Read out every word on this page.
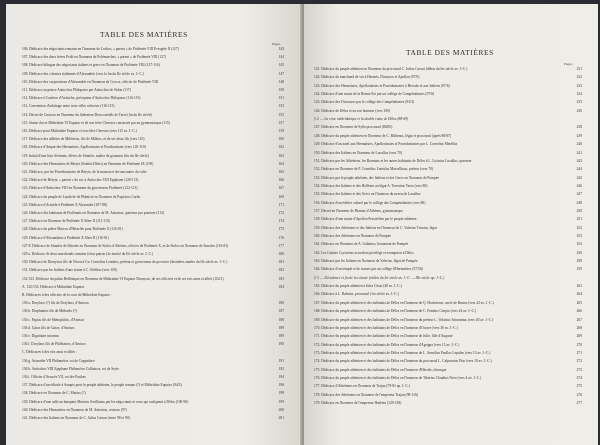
TABLE DES MATIÈRES
Pages.
106. Dédicace des négociants romains en l'honneur de Lochos, « parent » de Ptolémée VIII Évergète II (127)	143
107. Dédicace des deux frères Pedii en l'honneur de Polémarches, « parent » de Ptolémée VIII (127)	144
108. Dédicace bilingue des négociants italiens et grecs en l'honneur de Ptolémée VIII (127-116)	145
109. Dédicace des colonies italiennes d'Alexandrie (vers la fin du IIe siècle av. J.-C.)	147
110. Dédicace des corporations d'Alexandrie en l'honneur de Crocos, officier de Ptolémée VIII	148
111. Dédicace au prince Antiochos Philopator par Antiochos de Sidon (117)	150
112. Dédicace à Cratéros d'Antioche, précepteur d'Antiochos Philopator (116-115)	151
113. Convention d'arbitrage entre trois villes crétoises (116-115)	153
114. Décret de Cnossos en l'honneur du littérateur Dioscouridès de Tarse (fin du IIe siècle)	155
115. Statue du roi Mithridate VI Eupator et de son frère Chrestos consacrée par un gymnasiarque (115)	157
116. Dédicace pour Mithridate Eupator et son frère Chrestos (vers 115 av. J.-C.)	159
117. Dédicace des athlètes de Milésiens, fils de Milétos, et de ses deux fils (vers 110)	160
118. Dédicace d'Ampar des Hermaïstes, Apolloniastes et Posidoniastes (vers 120-110)	162
119. Initial d'une liste d'enfants, élèves de Simétès, maître de gymnase (fin du IIe siècle)	163
120. Dédicace des Hermaïstes de Béryte (Salatès Délos) en l'honneur de Ptolémée IX (109)	164
121. Dédicace, par les Poseidoniastes de Béryte, de la maison et du sanctuaire du culte	165
122. Dédicace de Béryte, « parent » du roi, à Antiochos VIII Épiphane (120-113)	166
123. Dédicace d'Antiochos VIII en l'honneur du gouverneur Ptolémée (122-113)	167
124. Dédicace du peuple de Laodicée de Phénicie en l'honneur de Papiricos Carbo	169
125. Dédicace d'Aristide à Ptolémée X Alexandre (107-88)	171
126. Dédicace des habitants de Ptolémaïs en l'honneur de M. Antonius, questeur pro praetore (113)	172
127. Dédicace en l'honneur de Ptolémée X Sôter II (111-110)	174
128. Dédicace du prêtre Marcos d'Héraclée pour Ptolémée X (116-81)	175
129. Dédicace d'Alexandrins à Ptolémée X Sôter II (116-81)	176
127-8. Dédicace de Simalos de Sôtenès en l'honneur de Stolos d'Athènes, officier de Ptolémée X, et de Stolos en l'honneur de Simalos (116-81)	177
129 a. Dédicace de deux marchands romains à leur patron (2e moitié du IIe siècle av. J.-C.)	180
130. Dédicace de Dionysios fils de Nicon à Cn. Cornelius Lentulus, préteur et gouverneur de province (dernières années du IIe siècle av. J.-C.)	181
131. Dédicace par les Italiens d'une statue à C. Ofellius (vers 100)	182
132-133. Dédicace du palais Hellénique en l'honneur de Mithridate VI Eupator Dionysos, de ses officiers et de ses rois amis et alliés (102/1)	183
A. 132-133. Dédicace à Mithridate Eupator	184
B. Dédicaces à des officiers de la cour de Mithridate Eupator :
136 a. Dorylaos (?) fils de Dorylaos, d'Amisos	186
136 b. Diophantos fils de Mitharès (?)	187
136 c. Papias fils de Ménophilos, d'Amisos	188
136 d. Gaios fils de Gaios, d'Amisos	189
136 e. Dignitaire inconnu	189
136 f. Dorylaos fils de Philétairos, d'Amisos	190
C. Dédicaces à des rois amis et alliés :
136 g. Ariarathe VII Philométor, roi de Cappadoce	191
136 h. Antiochos VIII Épiphane Philométor Callinicos, roi de Syrie	192
136 i. Officier d'Arsacès VII, roi des Parthes	194
137. Dédicace d'un édicule à Sarapis pour le peuple athénien, le peuple romain (?) et Mithridate Eupator (94/3)	196
138. Dédicace en l'honneur de C. Marius (?)	198
139. Dédicace d'une salle au banquier Maraios Gerillanus par les négociants et ceux qui trafiquent à Délos (100-90)	199
140. Dédicace des Hermaïstes en l'honneur de M. Antonius, censeur (97)	200
141. Dédicace des Italiens en l'honneur de C. Julius Caesar (entre 98 et 90)	201
TABLE DES MATIÈRES
Pages.
141. Dédicace du peuple athénien en l'honneur du proconsul C. Julius Caesar (début du Ier siècle av. J.-C.)	231
142. Dédicace du marchand de vin à Hermès, Dionysos et Apollon (97/6)	232
143. Dédicace des Hermaïstes, Apolloniastes et Poseidoniastes à Hercule et aux Italiens (97/6)	233
144. Dédicace d'une statue de la Bonne Foi par un collège de Compétaliastes (97/6)	234
145. Dédicace des Dioscures par le collège des Compétaliastes (94/3)	235
146. Dédicace de Délos et en son honneur (vers 100)	236
§ 2. — La crise mithridatique et la double ruine de Délos (88-69)
147. Dédicace en l'honneur de Sylla proconsul (86/85)	238
148. Dédicace du peuple athénien en l'honneur de C. Billienus, légat et proconsul (après 88/87)	239
149. Dédicace d'un autel aux Hermaïstes, Apolloniastes et Poseidoniastes par L. Cornelius Metellus	240
150. Dédicace des Italiens en l'honneur de Lucullus (vers 70)	241
151. Dédicace par les Athéniens, les Romains et les autres habitants de Délos à L. Licinius Lucullus, questeur	243
152. Dédicace en l'honneur de P. Cornelius Lentulus Marcellinus, préteur (vers 70)	244
153. Dédicace par le peuple athénien, des Italiens et des Grecs en l'honneur de Pompée	245
154. Dédicace des Italiens et des Hellènes au légat A. Terentius Varro (vers 80)	246
155. Dédicace des Italiens et des Grecs en l'honneur du neveu de Lucullus	247
156. Dédicace d'un édifice cultuel par le collège des Compétaliastes (vers 80)	248
157. Décret en l'honneur de Phanias d'Athènes, gymnasiarque	250
158. Dédicace d'une statue d'Apollon Praxitélien par le peuple athénien	251
159. Dédicace des Athéniens et des Italiens en l'honneur de C. Valerius Triarius, légat	252
160. Dédicace des Athéniens en l'honneur de Pompée	253
161. Dédicace en l'honneur de A. Gabinius, lieutenant de Pompée	254
162. Les Galates Cyzicènes accordent privilège et exemption à Délos	256
163. Dédicace par les Italiens en l'honneur de Valerius, légat de Pompée	258
164. Dédicace d'un temple et de statues par un collège d'Hermaïstes (57/56)	259
§ 3. — Décadence et fin de la colonie (milieu du Ier siècle av. J.-C. — IIIe siècle ap. J.-C.)
165. Dédicace du peuple athénien à Jules César (48 av. J.-C.)	263
166. Dédicace à L. Babrius, proconsul (1er siècle av. J.-C.)	264
167. Dédicace du peuple athénien et des habitants de Délos en l'honneur de Q. Hortensius, oncle de Brutus (vers 43 av. J.-C.)	265
168. Dédicace du peuple athénien et des habitants de Délos en l'honneur de C. Fannius Caepio (vers 44 av. J.-C.)	266
169. Dédicace du peuple athénien et des habitants de Délos en l'honneur du préteur L. Volusius Saturninus (vers 40 av. J.-C.)	267
170. Dédicace du peuple athénien et des habitants de Délos en l'honneur d'Octave (vers 30 av. J.-C.)	268
171. Dédicace du peuple athénien et des habitants de Délos en l'honneur de Julie, fille d'Auguste	269
172. Dédicace du peuple athénien et des habitants de Délos en l'honneur d'Agrippa (vers 15 av. J.-C.)	270
173. Dédicace du peuple athénien et des habitants de Délos en l'honneur de L. Aemilius Paullus Lepidus (vers 10 av. J.-C.)	271
174. Dédicace du peuple athénien et des habitants de Délos en l'honneur du proconsul L. Calpurnius Piso (vers 10 av. J.-C.)	272
175. Dédicace du peuple athénien et des habitants de Délos en l'honneur d'Hérode, tétrarque	273
176. Dédicace du peuple athénien et des habitants de Délos en l'honneur de Tiberius Claudius Nero (vers 4 av. J.-C.)	274
177. Dédicace d'Athéniens en l'honneur de Trajan (79-81 ap. J.-C.)	275
178. Dédicace des Athéniens en l'honneur de l'empereur Trajan (98-116)	276
179. Dédicace en l'honneur de l'empereur Hadrien (129-138)	277
